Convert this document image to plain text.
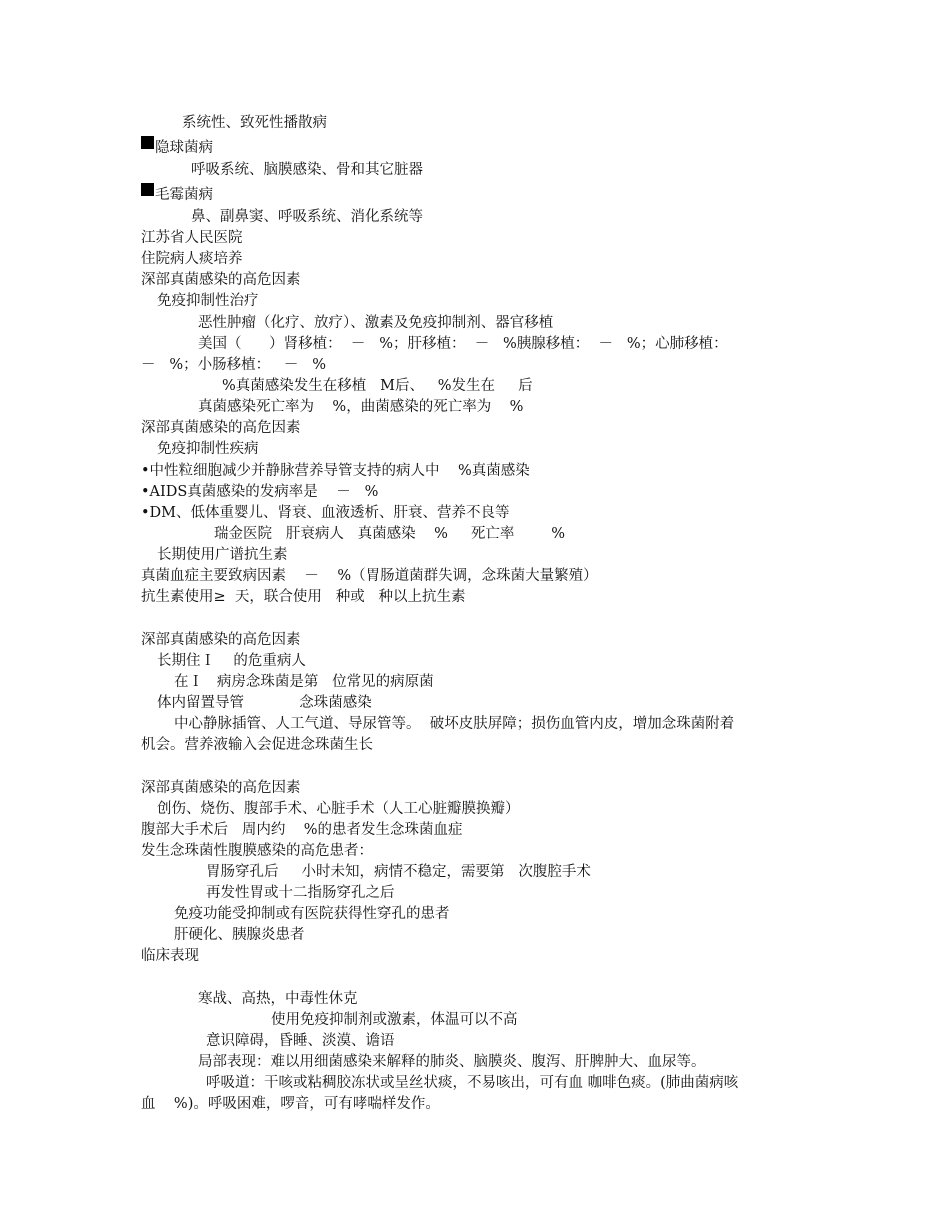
系统性、致死性播散病
隐球菌病
呼吸系统、脑膜感染、骨和其它脏器
毛霉菌病
鼻、副鼻窦、呼吸系统、消化系统等
江苏省人民医院
住院病人痰培养
深部真菌感染的高危因素
免疫抑制性治疗
恶性肿瘤（化疗、放疗）、激素及免疫抑制剂、器官移植
美国（      ）肾移植：  －   %；肝移植：  －   %胰腺移植：  －   %；心肺移植：
－   %；小肠移植：   －   %
%真菌感染发生在移植   M后、   %发生在     后
真菌感染死亡率为    %，曲菌感染的死亡率为    %
深部真菌感染的高危因素
免疫抑制性疾病
•中性粒细胞减少并静脉营养导管支持的病人中    %真菌感染
•AIDS真菌感染的发病率是    －   %
•DM、低体重婴儿、肾衰、血液透析、肝衰、营养不良等
瑞金医院   肝衰病人   真菌感染    %     死亡率        %
长期使用广谱抗生素
真菌血症主要致病因素    －    %（胃肠道菌群失调，念珠菌大量繁殖）
抗生素使用≥  天，联合使用   种或   种以上抗生素
深部真菌感染的高危因素
长期住Ｉ    的危重病人
在Ｉ   病房念珠菌是第   位常见的病原菌
体内留置导管            念珠菌感染
中心静脉插管、人工气道、导尿管等。  破坏皮肤屏障；损伤血管内皮，增加念珠菌附着
机会。营养液输入会促进念珠菌生长
深部真菌感染的高危因素
创伤、烧伤、腹部手术、心脏手术（人工心脏瓣膜换瓣）
腹部大手术后   周内约    %的患者发生念珠菌血症
发生念珠菌性腹膜感染的高危患者：
胃肠穿孔后     小时未知，病情不稳定，需要第   次腹腔手术
再发性胃或十二指肠穿孔之后
免疫功能受抑制或有医院获得性穿孔的患者
肝硬化、胰腺炎患者
临床表现
寒战、高热，中毒性休克
使用免疫抑制剂或激素，体温可以不高
意识障碍，昏睡、淡漠、谵语
局部表现：难以用细菌感染来解释的肺炎、脑膜炎、腹泻、肝脾肿大、血尿等。
呼吸道：干咳或粘稠胶冻状或呈丝状痰，不易咳出，可有血 咖啡色痰。(肺曲菌病咳
血    %)。呼吸困难，啰音，可有哮喘样发作。
